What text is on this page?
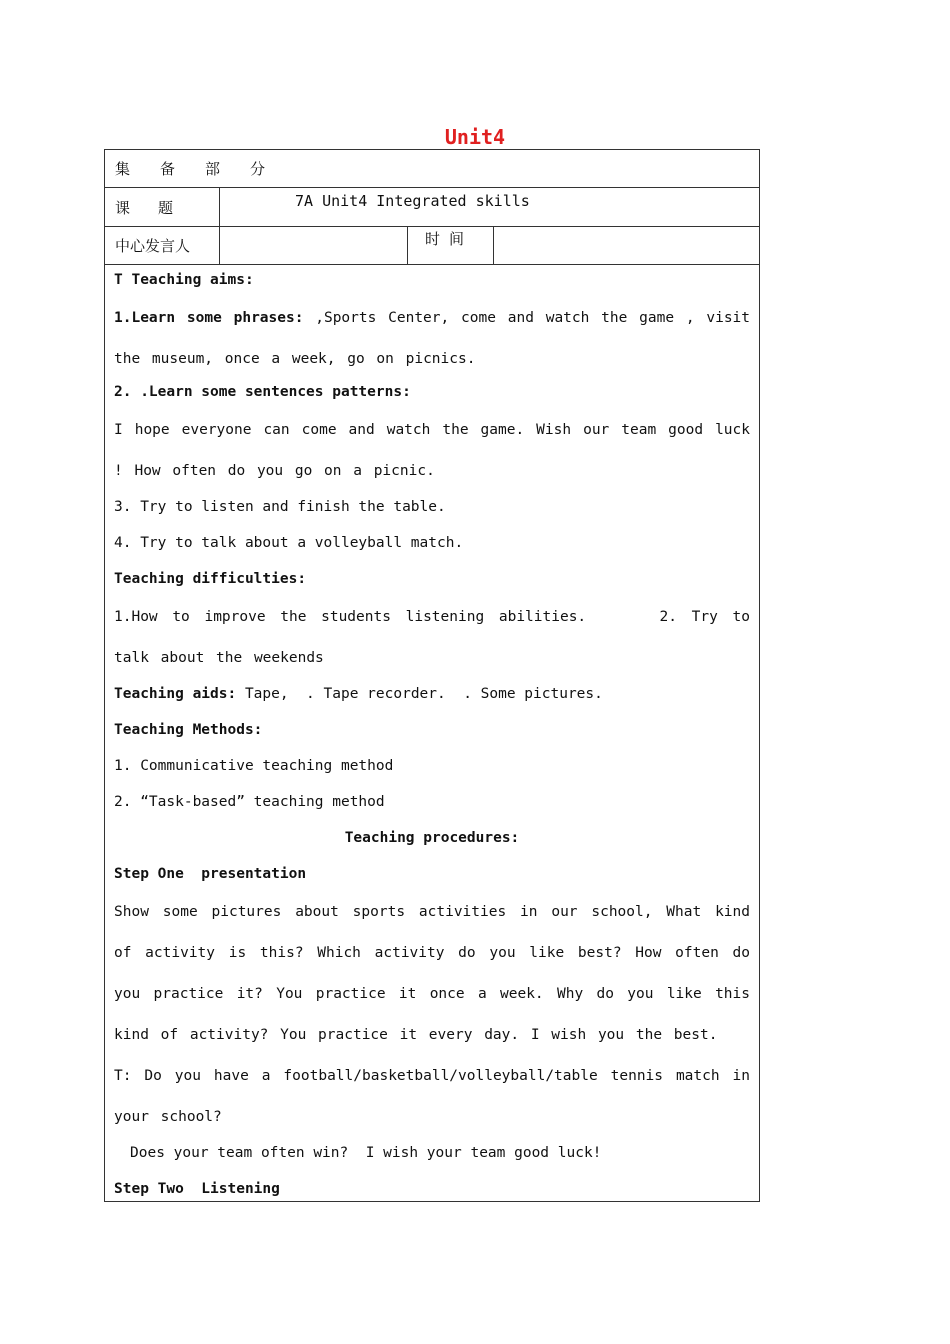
Unit4
集备部分
课题	7A Unit4 Integrated skills
中心发言人	时 间
T Teaching aims:
1.Learn some phrases: ,Sports Center, come and watch the game , visit the museum, once a week, go on picnics.
2. .Learn some sentences patterns:
I hope everyone can come and watch the game. Wish our team good luck ! How often do you go on a picnic.
3. Try to listen and finish the table.
4. Try to talk about a volleyball match.
Teaching difficulties:
1.How to improve the students listening abilities.     2. Try to talk about the weekends
Teaching aids: Tape,  . Tape recorder.  . Some pictures.
Teaching Methods:
1. Communicative teaching method
2. “Task-based” teaching method
Teaching procedures:
Step One  presentation
Show some pictures about sports activities in our school, What kind of activity is this? Which activity do you like best? How often do you practice it? You practice it once a week. Why do you like this kind of activity? You practice it every day. I wish you the best.
T: Do you have a football/basketball/volleyball/table tennis match in your school?
Does your team often win?  I wish your team good luck!
Step Two  Listening
